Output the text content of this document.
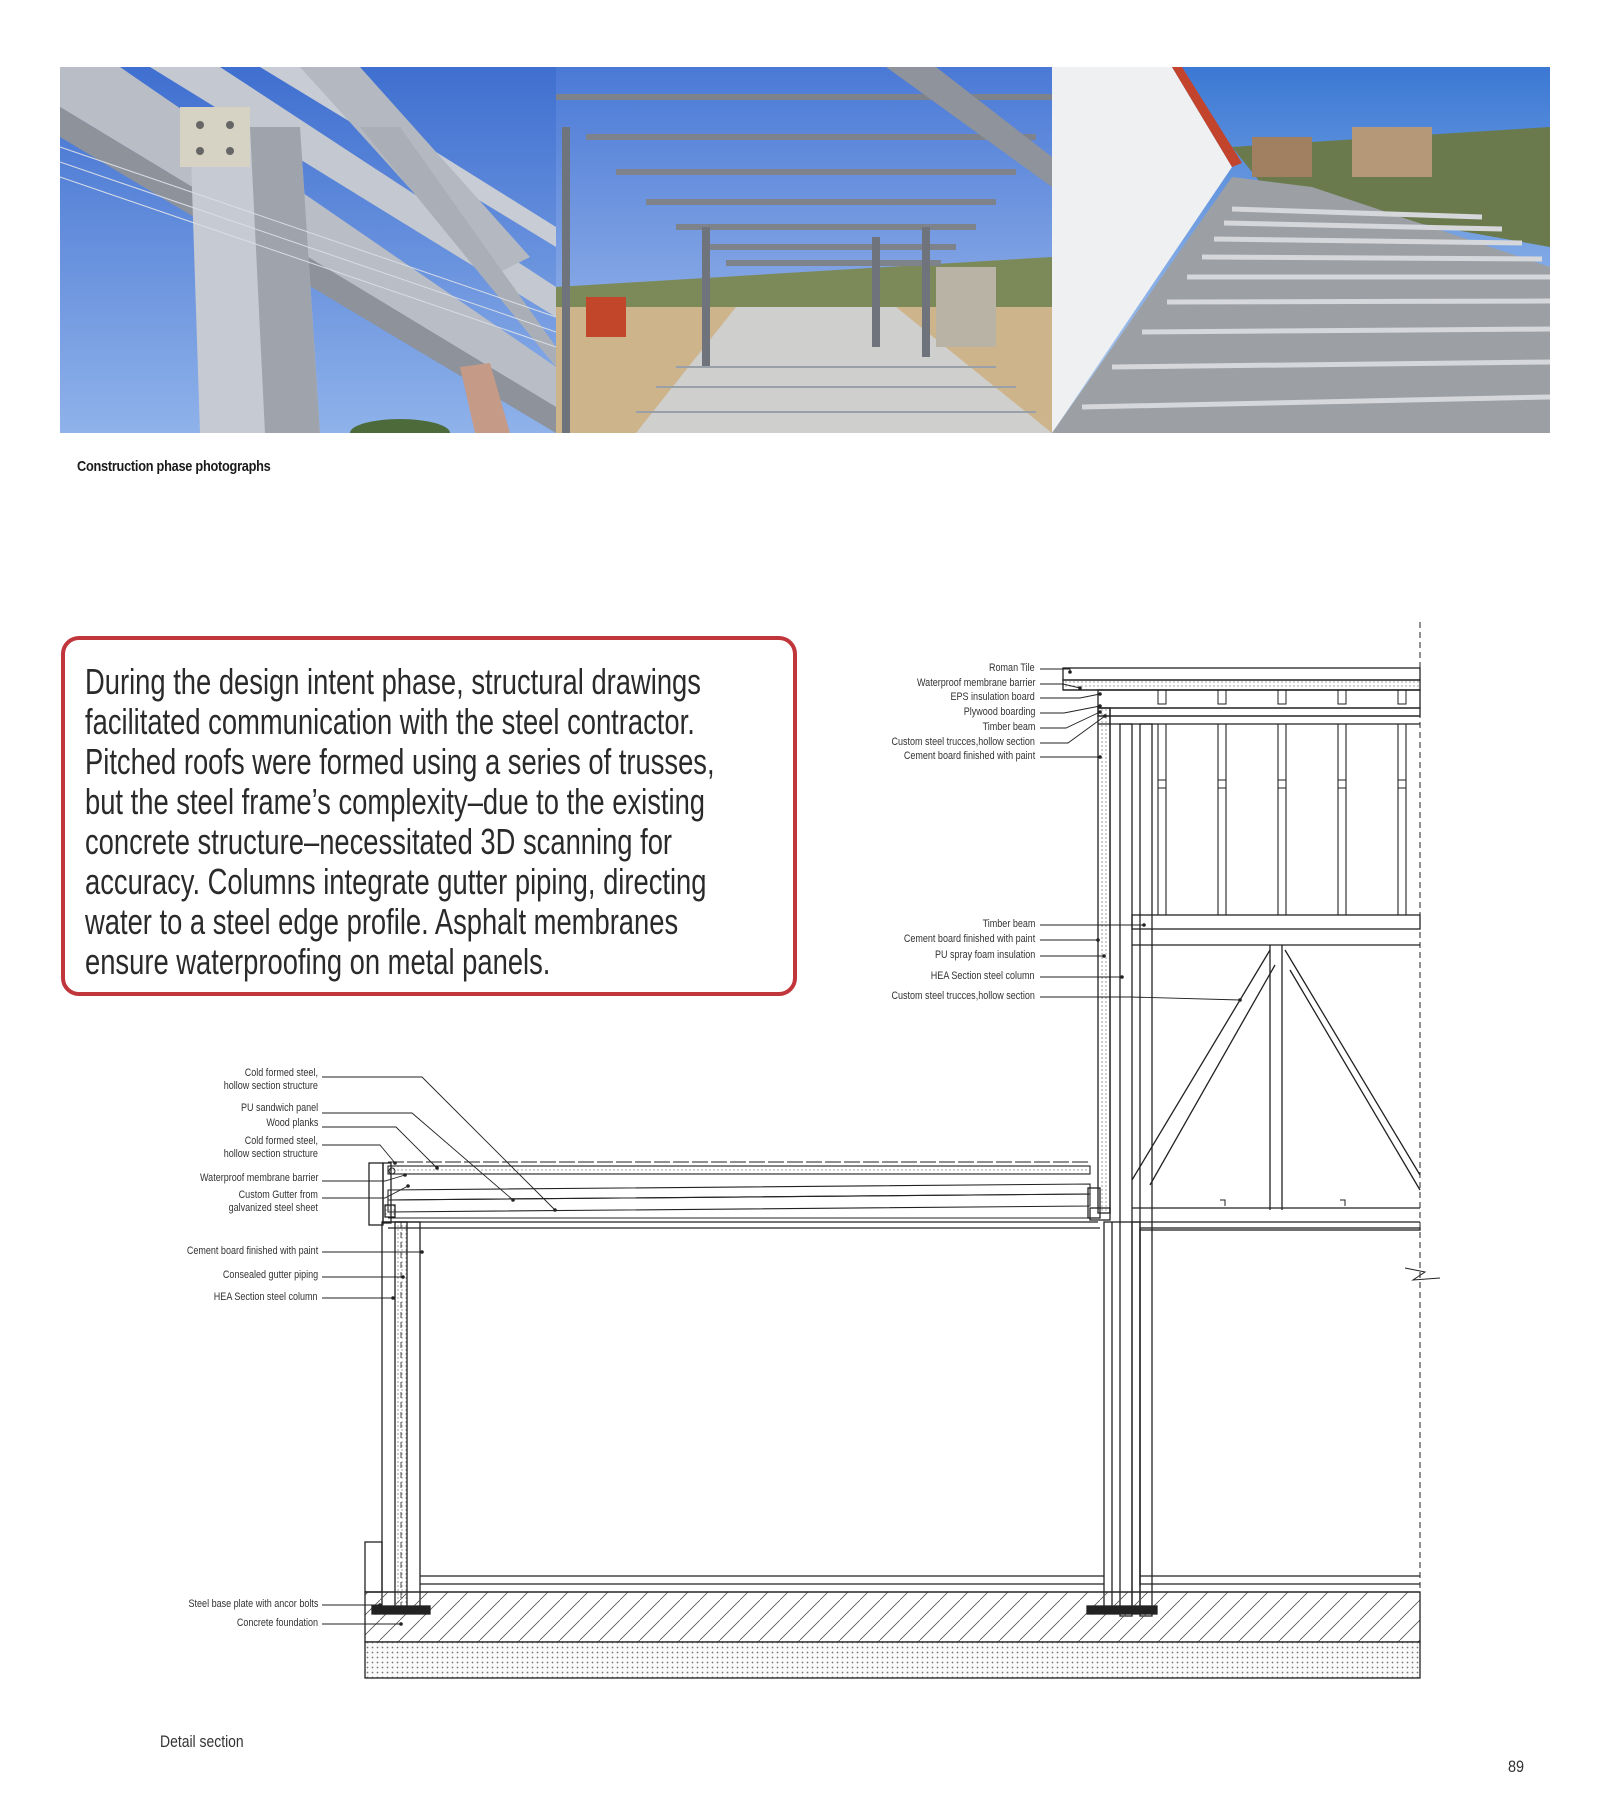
Construction phase photographs

During the design intent phase, structural drawings
facilitated communication with the steel contractor.
Pitched roofs were formed using a series of trusses,
but the steel frame’s complexity–due to the existing
concrete structure–necessitated 3D scanning for
accuracy. Columns integrate gutter piping, directing
water to a steel edge profile. Asphalt membranes
ensure waterproofing on metal panels.

Roman Tile
Waterproof membrane barrier
EPS insulation board
Plywood boarding
Timber beam
Custom steel trucces,hollow section
Cement board finished with paint
Timber beam
Cement board finished with paint
PU spray foam insulation
HEA Section steel column
Custom steel trucces,hollow section
Cold formed steel,
hollow section structure
PU sandwich panel
Wood planks
Cold formed steel,
hollow section structure
Waterproof membrane barrier
Custom Gutter from
galvanized steel sheet
Cement board finished with paint
Consealed gutter piping
HEA Section steel column
Steel base plate with ancor bolts
Concrete foundation
Detail section
89
